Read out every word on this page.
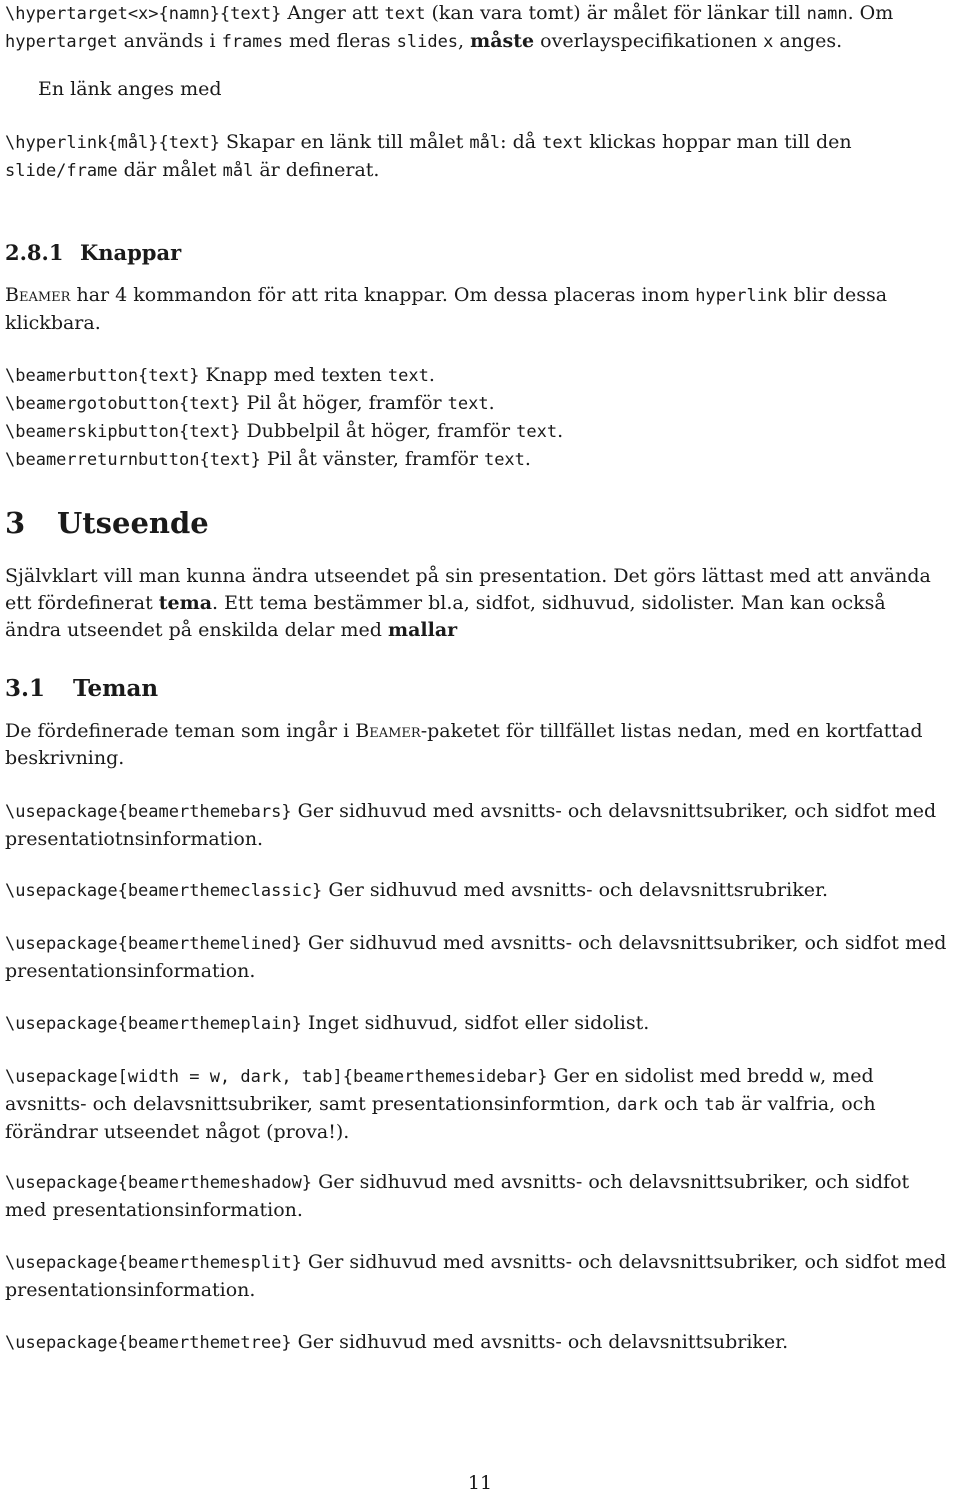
\hypertarget<x>{namn}{text} Anger att text (kan vara tomt) är målet för länkar till namn. Om hypertarget används i frames med fleras slides, måste overlayspecifikationen x anges.

En länk anges med

\hyperlink{mål}{text} Skapar en länk till målet mål: då text klickas hoppar man till den slide/frame där målet mål är definerat.

2.8.1 Knappar

Beamer har 4 kommandon för att rita knappar. Om dessa placeras inom hyperlink blir dessa klickbara.

\beamerbutton{text} Knapp med texten text.

\beamergotobutton{text} Pil åt höger, framför text.

\beamerskipbutton{text} Dubbelpil åt höger, framför text.

\beamerreturnbutton{text} Pil åt vänster, framför text.

3 Utseende

Självklart vill man kunna ändra utseendet på sin presentation. Det görs lättast med att använda ett fördefinerat tema. Ett tema bestämmer bl.a, sidfot, sidhuvud, sidolister. Man kan också ändra utseendet på enskilda delar med mallar

3.1 Teman

De fördefinerade teman som ingår i Beamer-paketet för tillfället listas nedan, med en kortfattad beskrivning.

\usepackage{beamerthemebars} Ger sidhuvud med avsnitts- och delavsnittsubriker, och sidfot med presentatiotnsinformation.

\usepackage{beamerthemeclassic} Ger sidhuvud med avsnitts- och delavsnittsrubriker.

\usepackage{beamerthemelined} Ger sidhuvud med avsnitts- och delavsnittsubriker, och sidfot med presentationsinformation.

\usepackage{beamerthemeplain} Inget sidhuvud, sidfot eller sidolist.

\usepackage[width = w, dark, tab]{beamerthemesidebar} Ger en sidolist med bredd w, med avsnitts- och delavsnittsubriker, samt presentationsinformtion, dark och tab är valfria, och förändrar utseendet något (prova!).

\usepackage{beamerthemeshadow} Ger sidhuvud med avsnitts- och delavsnittsubriker, och sidfot med presentationsinformation.

\usepackage{beamerthemesplit} Ger sidhuvud med avsnitts- och delavsnittsubriker, och sidfot med presentationsinformation.

\usepackage{beamerthemetree} Ger sidhuvud med avsnitts- och delavsnittsubriker.

11
